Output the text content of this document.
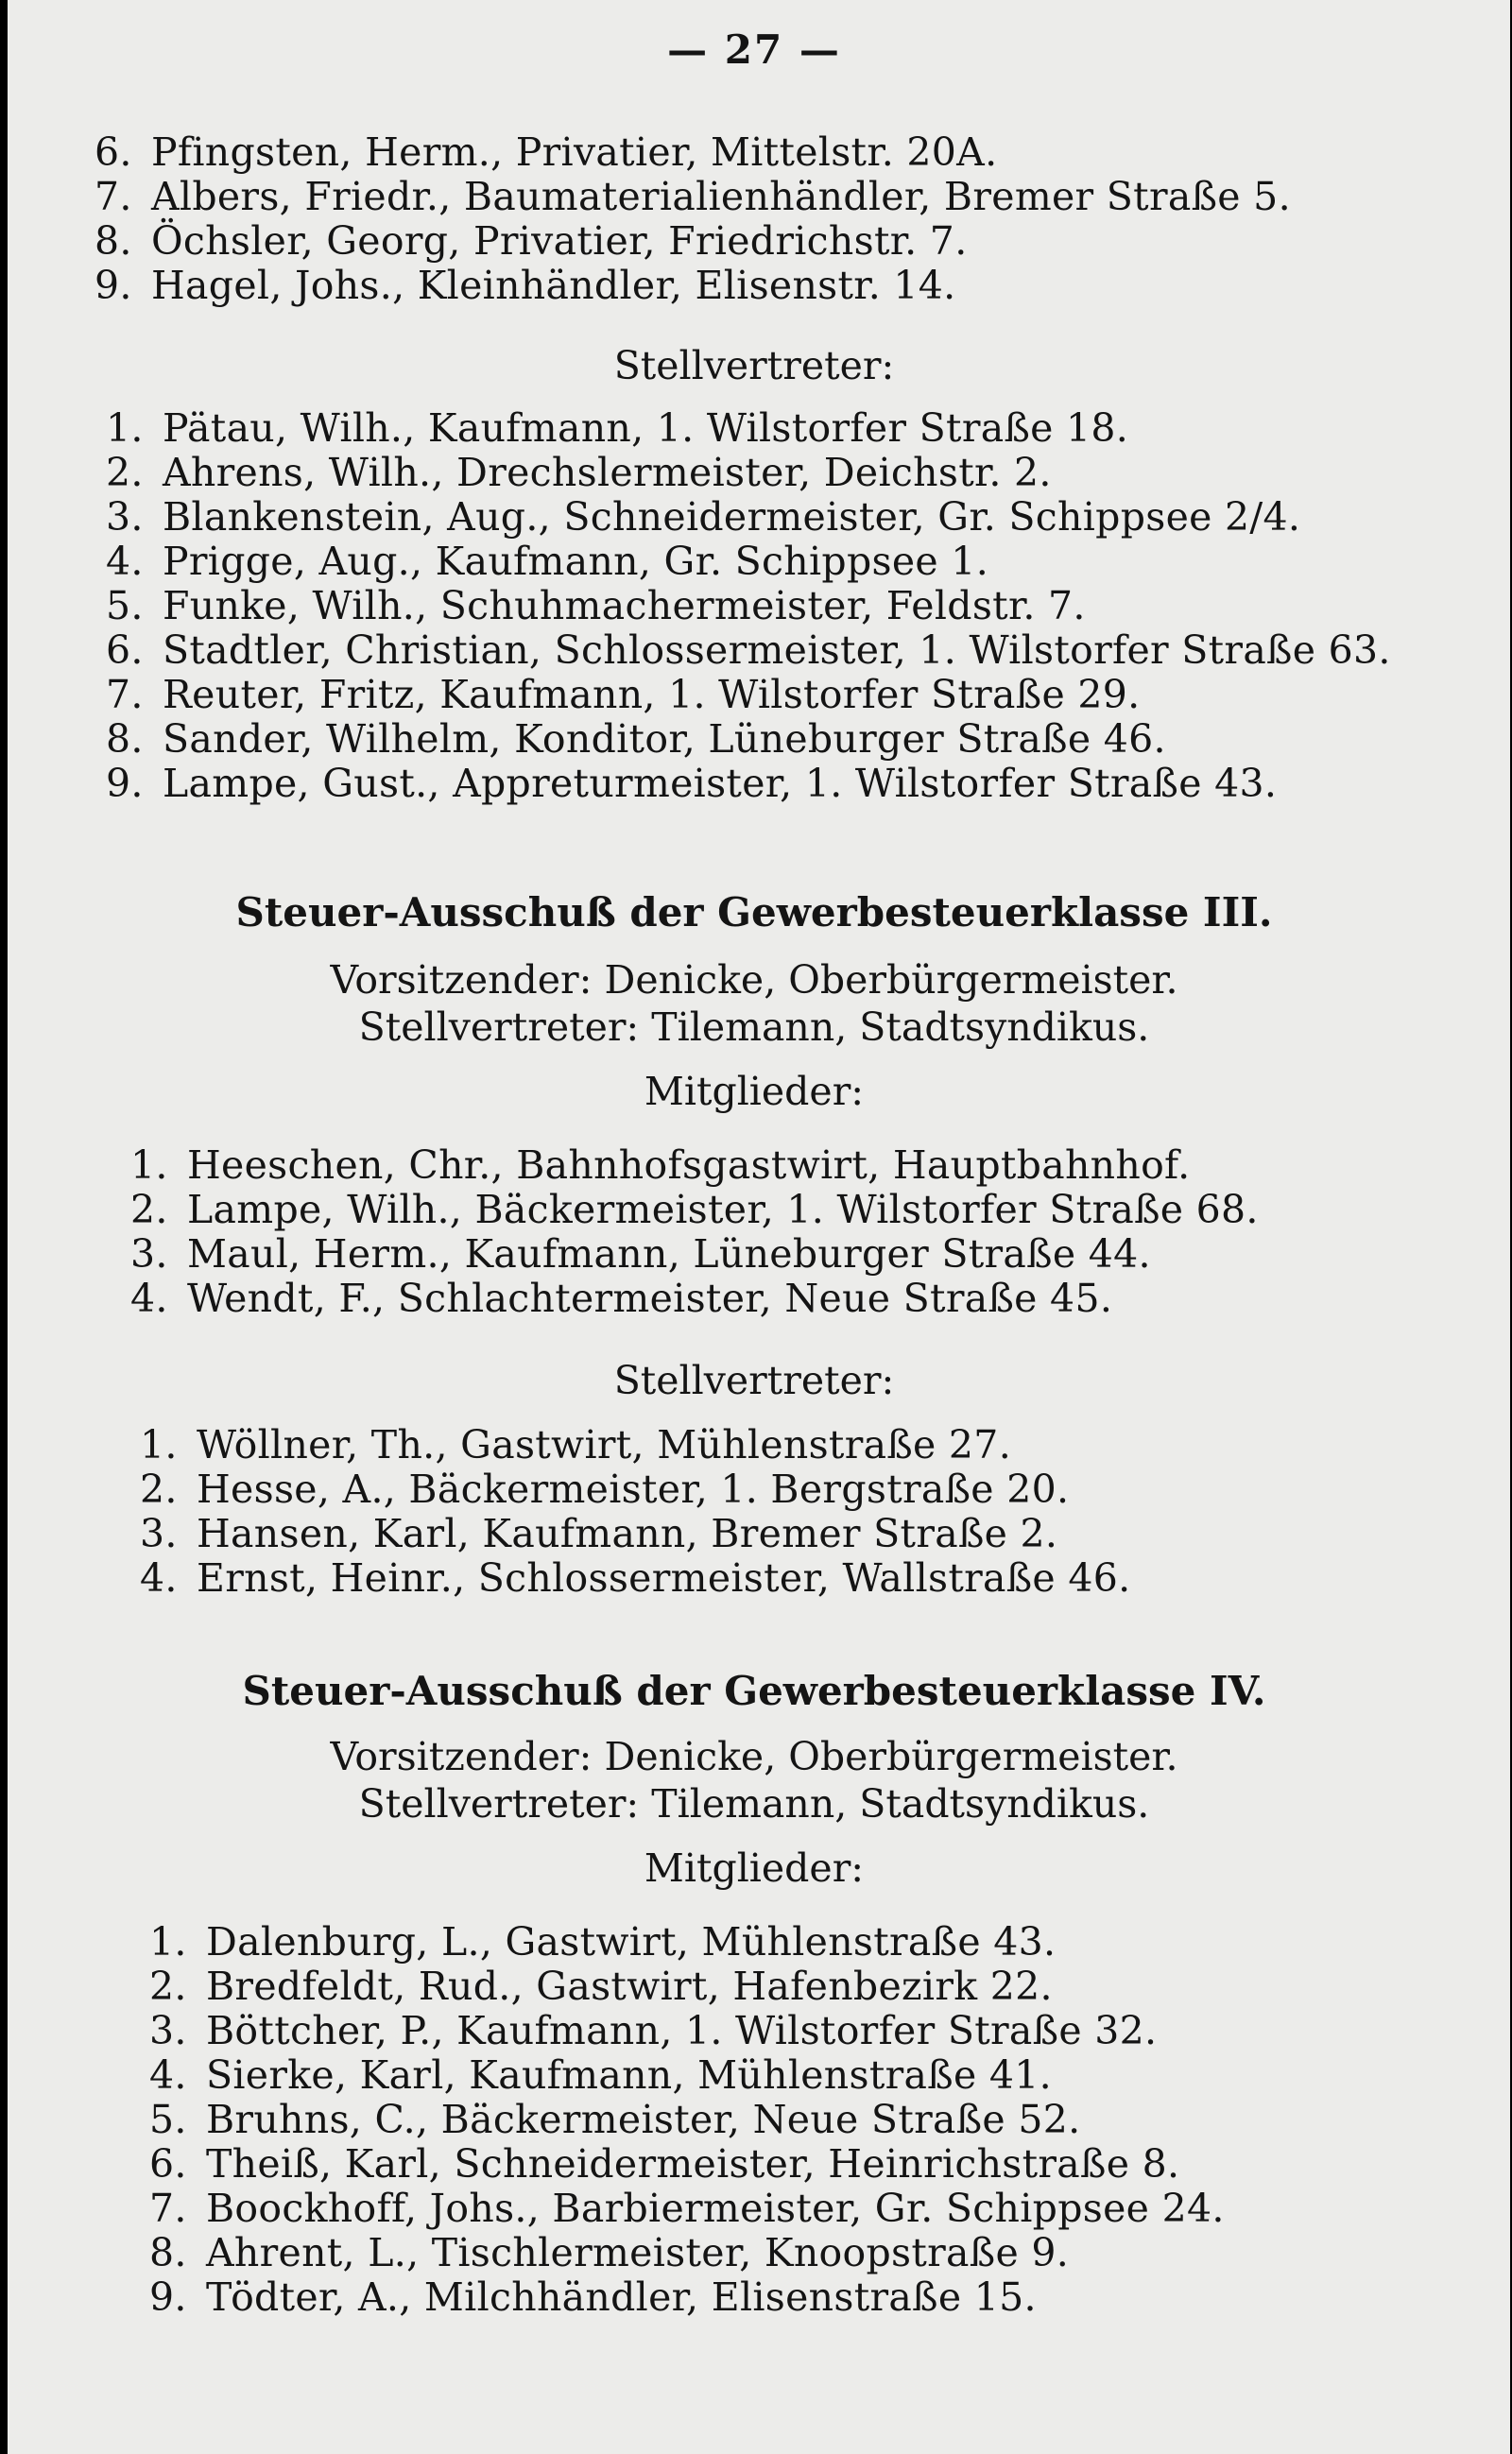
— 27 —
6. Pfingsten, Herm., Privatier, Mittelstr. 20A.
7. Albers, Friedr., Baumaterialienhändler, Bremer Straße 5.
8. Öchsler, Georg, Privatier, Friedrichstr. 7.
9. Hagel, Johs., Kleinhändler, Elisenstr. 14.
Stellvertreter:
1. Pätau, Wilh., Kaufmann, 1. Wilstorfer Straße 18.
2. Ahrens, Wilh., Drechslermeister, Deichstr. 2.
3. Blankenstein, Aug., Schneidermeister, Gr. Schippsee 2/4.
4. Prigge, Aug., Kaufmann, Gr. Schippsee 1.
5. Funke, Wilh., Schuhmachermeister, Feldstr. 7.
6. Stadtler, Christian, Schlossermeister, 1. Wilstorfer Straße 63.
7. Reuter, Fritz, Kaufmann, 1. Wilstorfer Straße 29.
8. Sander, Wilhelm, Konditor, Lüneburger Straße 46.
9. Lampe, Gust., Appreturmeister, 1. Wilstorfer Straße 43.
Steuer-Ausschuß der Gewerbesteuerklasse III.
Vorsitzender: Denicke, Oberbürgermeister.
Stellvertreter: Tilemann, Stadtsyndikus.
Mitglieder:
1. Heeschen, Chr., Bahnhofsgastwirt, Hauptbahnhof.
2. Lampe, Wilh., Bäckermeister, 1. Wilstorfer Straße 68.
3. Maul, Herm., Kaufmann, Lüneburger Straße 44.
4. Wendt, F., Schlachtermeister, Neue Straße 45.
Stellvertreter:
1. Wöllner, Th., Gastwirt, Mühlenstraße 27.
2. Hesse, A., Bäckermeister, 1. Bergstraße 20.
3. Hansen, Karl, Kaufmann, Bremer Straße 2.
4. Ernst, Heinr., Schlossermeister, Wallstraße 46.
Steuer-Ausschuß der Gewerbesteuerklasse IV.
Vorsitzender: Denicke, Oberbürgermeister.
Stellvertreter: Tilemann, Stadtsyndikus.
Mitglieder:
1. Dalenburg, L., Gastwirt, Mühlenstraße 43.
2. Bredfeldt, Rud., Gastwirt, Hafenbezirk 22.
3. Böttcher, P., Kaufmann, 1. Wilstorfer Straße 32.
4. Sierke, Karl, Kaufmann, Mühlenstraße 41.
5. Bruhns, C., Bäckermeister, Neue Straße 52.
6. Theiß, Karl, Schneidermeister, Heinrichstraße 8.
7. Boockhoff, Johs., Barbiermeister, Gr. Schippsee 24.
8. Ahrent, L., Tischlermeister, Knoopstraße 9.
9. Tödter, A., Milchhändler, Elisenstraße 15.
